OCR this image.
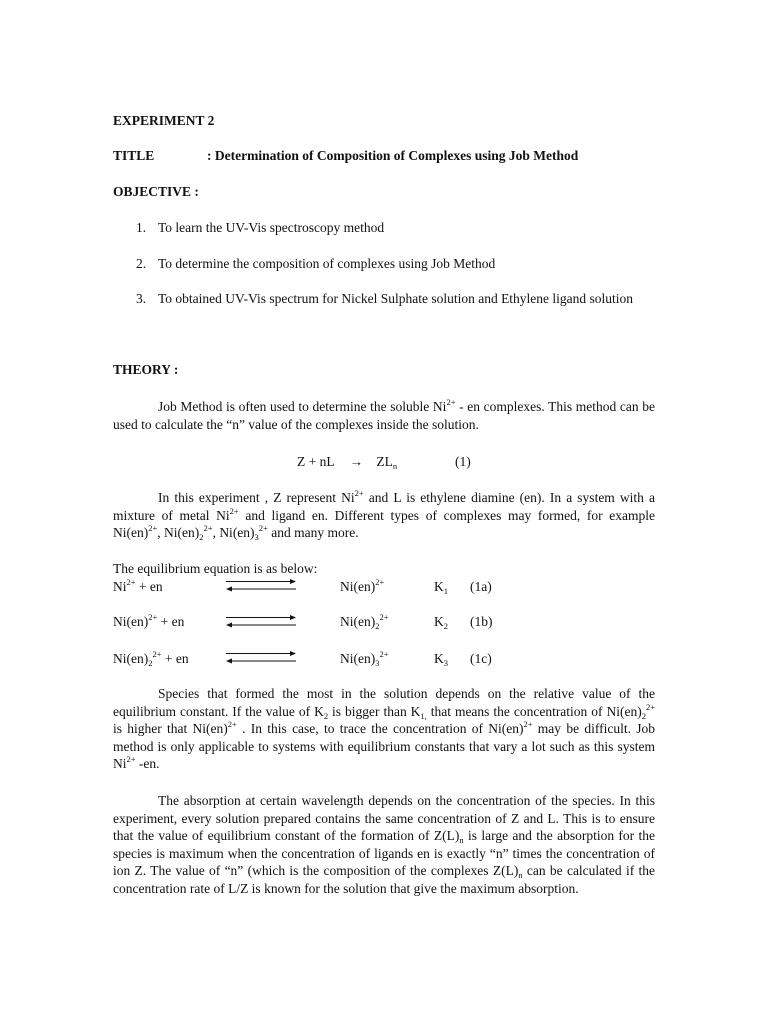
EXPERIMENT 2
TITLE	: Determination of Composition of Complexes using Job Method
OBJECTIVE :
1. To learn the UV-Vis spectroscopy method
2. To determine the composition of complexes using Job Method
3. To obtained UV-Vis spectrum for Nickel Sulphate solution and Ethylene ligand solution
THEORY :
Job Method is often used to determine the soluble $Ni^{2+}$ - en complexes. This method can be used to calculate the “n” value of the complexes inside the solution.
Z + nL → $ZL_n$	(1)
In this experiment , Z represent $Ni^{2+}$ and L is ethylene diamine (en). In a system with a mixture of metal $Ni^{2+}$ and ligand en. Different types of complexes may formed, for example Ni(en)$^{2+}$, $Ni(en)_2^{2+}$, $Ni(en)_3^{2+}$ and many more.
The equilibrium equation is as below:
$Ni^{2+}$ + en	Ni(en)$^{2+}$	$K_1$ (1a)
Ni(en)$^{2+}$ + en	$Ni(en)_2^{2+}$	$K_2$ (1b)
$Ni(en)_2^{2+}$ + en	$Ni(en)_3^{2+}$	$K_3$ (1c)
Species that formed the most in the solution depends on the relative value of the equilibrium constant. If the value of $K_2$ is bigger than $K_{1,}$ that means the concentration of $Ni(en)_2^{2+}$ is higher that Ni(en)$^{2+}$ . In this case, to trace the concentration of Ni(en)$^{2+}$ may be difficult. Job method is only applicable to systems with equilibrium constants that vary a lot such as this system $Ni^{2+}$ -en.
The absorption at certain wavelength depends on the concentration of the species. In this experiment, every solution prepared contains the same concentration of Z and L. This is to ensure that the value of equilibrium constant of the formation of $Z(L)_n$ is large and the absorption for the species is maximum when the concentration of ligands en is exactly “n” times the concentration of ion Z. The value of “n” (which is the composition of the complexes $Z(L)_n$ can be calculated if the concentration rate of L/Z is known for the solution that give the maximum absorption.
